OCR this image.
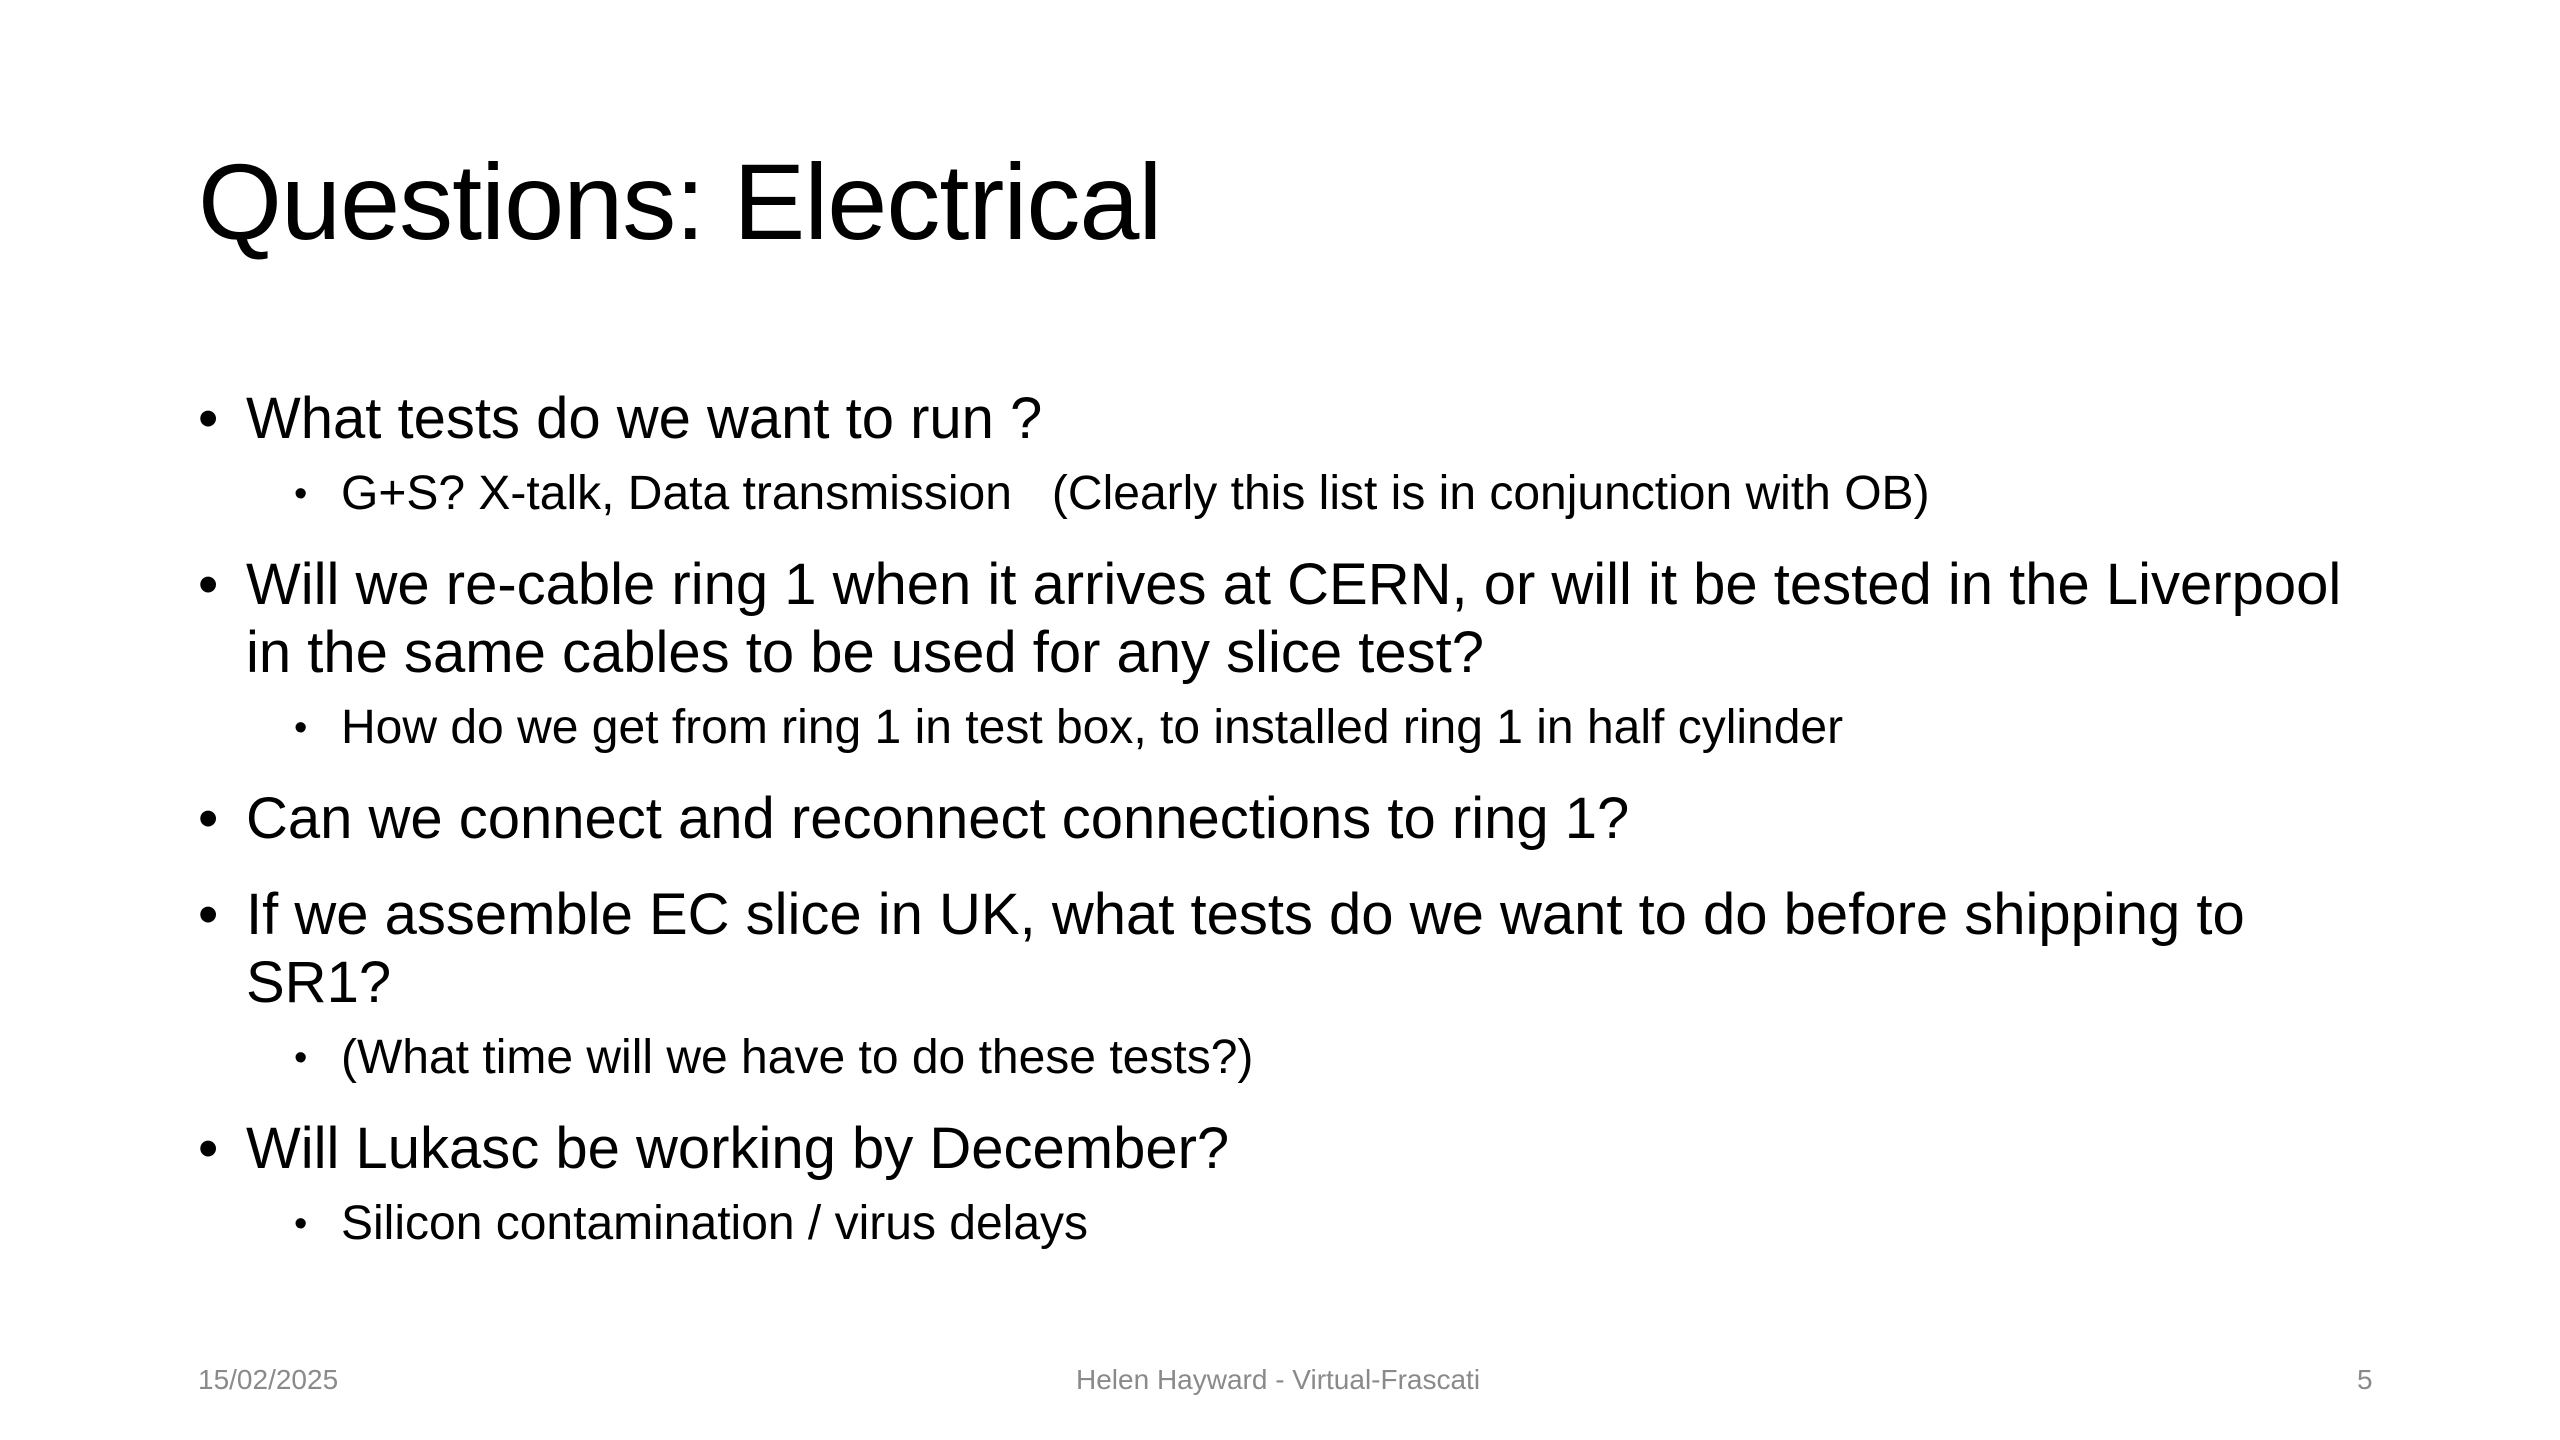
Questions: Electrical

• What tests do we want to run ?

• G+S? X-talk, Data transmission   (Clearly this list is in conjunction with OB)

• Will we re-cable ring 1 when it arrives at CERN, or will it be tested in the Liverpool in the same cables to be used for any slice test?

• How do we get from ring 1 in test box, to installed ring 1 in half cylinder

• Can we connect and reconnect connections to ring 1?

• If we assemble EC slice in UK, what tests do we want to do before shipping to SR1?

• (What time will we have to do these tests?)

• Will Lukasc be working by December?

• Silicon contamination / virus delays

15/02/2025	Helen Hayward - Virtual-Frascati	5
